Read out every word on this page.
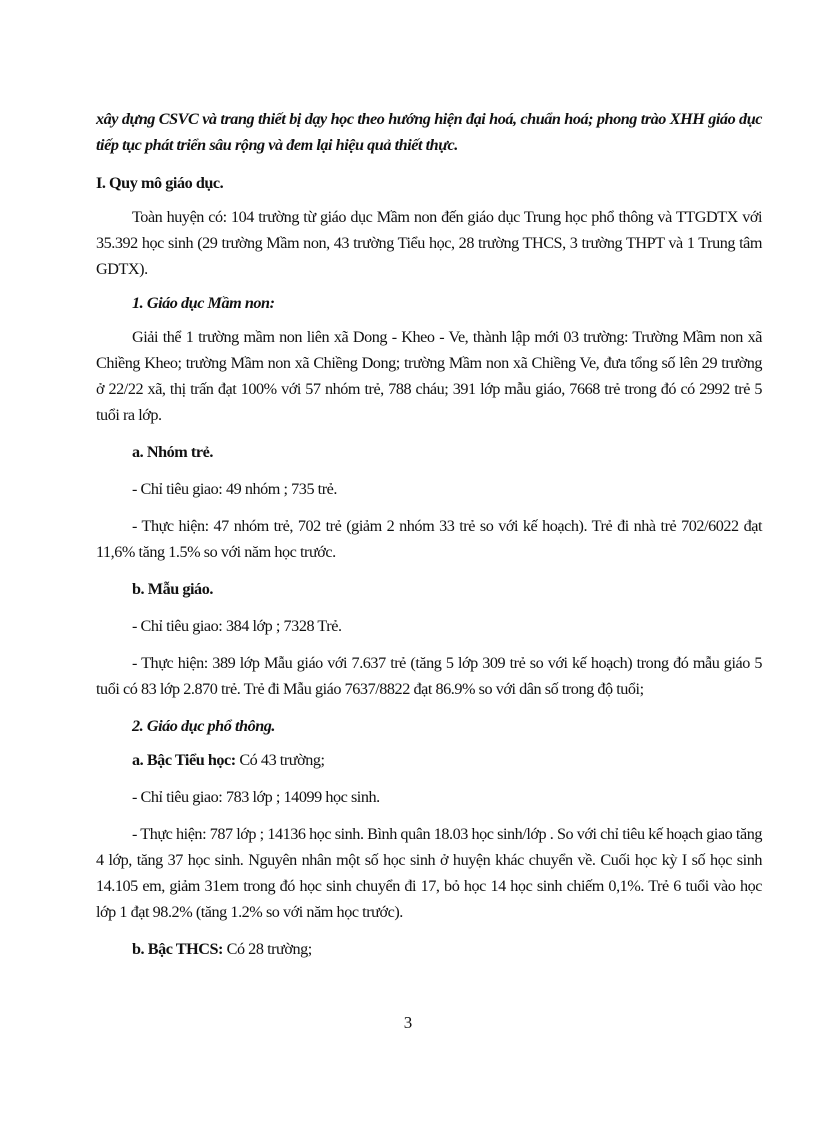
xây dựng CSVC và trang thiết bị dạy học theo hướng hiện đại hoá, chuẩn hoá; phong trào XHH giáo dục tiếp tục phát triển sâu rộng và đem lại hiệu quả thiết thực.

I. Quy mô giáo dục.

Toàn huyện có: 104 trường từ giáo dục Mầm non đến giáo dục Trung học phổ thông và TTGDTX với 35.392 học sinh (29 trường Mầm non, 43 trường Tiểu học, 28 trường THCS, 3 trường THPT và 1 Trung tâm GDTX).

1. Giáo dục Mầm non:

Giải thể 1 trường mầm non liên xã Dong - Kheo - Ve, thành lập mới 03 trường: Trường Mầm non xã Chiềng Kheo; trường Mầm non xã Chiềng Dong; trường Mầm non xã Chiềng Ve, đưa tổng số lên 29 trường ở 22/22 xã, thị trấn đạt 100% với 57 nhóm trẻ, 788 cháu; 391 lớp mẫu giáo, 7668 trẻ trong đó có 2992 trẻ 5 tuổi ra lớp.

a. Nhóm trẻ.

- Chỉ tiêu giao: 49 nhóm ; 735 trẻ.

- Thực hiện: 47 nhóm trẻ, 702 trẻ (giảm 2 nhóm 33 trẻ so với kế hoạch). Trẻ đi nhà trẻ 702/6022 đạt 11,6% tăng 1.5% so với năm học trước.

b. Mẫu giáo.

- Chỉ tiêu giao: 384 lớp ; 7328 Trẻ.

- Thực hiện: 389 lớp Mẫu giáo với 7.637 trẻ (tăng 5 lớp 309 trẻ so với kế hoạch) trong đó mẫu giáo 5 tuổi có 83 lớp 2.870 trẻ. Trẻ đi Mẫu giáo 7637/8822 đạt 86.9% so với dân số trong độ tuổi;

2. Giáo dục phổ thông.

a. Bậc Tiểu học: Có 43 trường;

- Chỉ tiêu giao: 783 lớp ; 14099 học sinh.

- Thực hiện: 787 lớp ; 14136 học sinh. Bình quân 18.03 học sinh/lớp . So với chỉ tiêu kế hoạch giao tăng 4 lớp, tăng 37 học sinh. Nguyên nhân một số học sinh ở huyện khác chuyển về. Cuối học kỳ I số học sinh 14.105 em, giảm 31em trong đó học sinh chuyển đi 17, bỏ học 14 học sinh chiếm 0,1%. Trẻ 6 tuổi vào học lớp 1 đạt 98.2% (tăng 1.2% so với năm học trước).

b. Bậc THCS: Có 28 trường;

3
